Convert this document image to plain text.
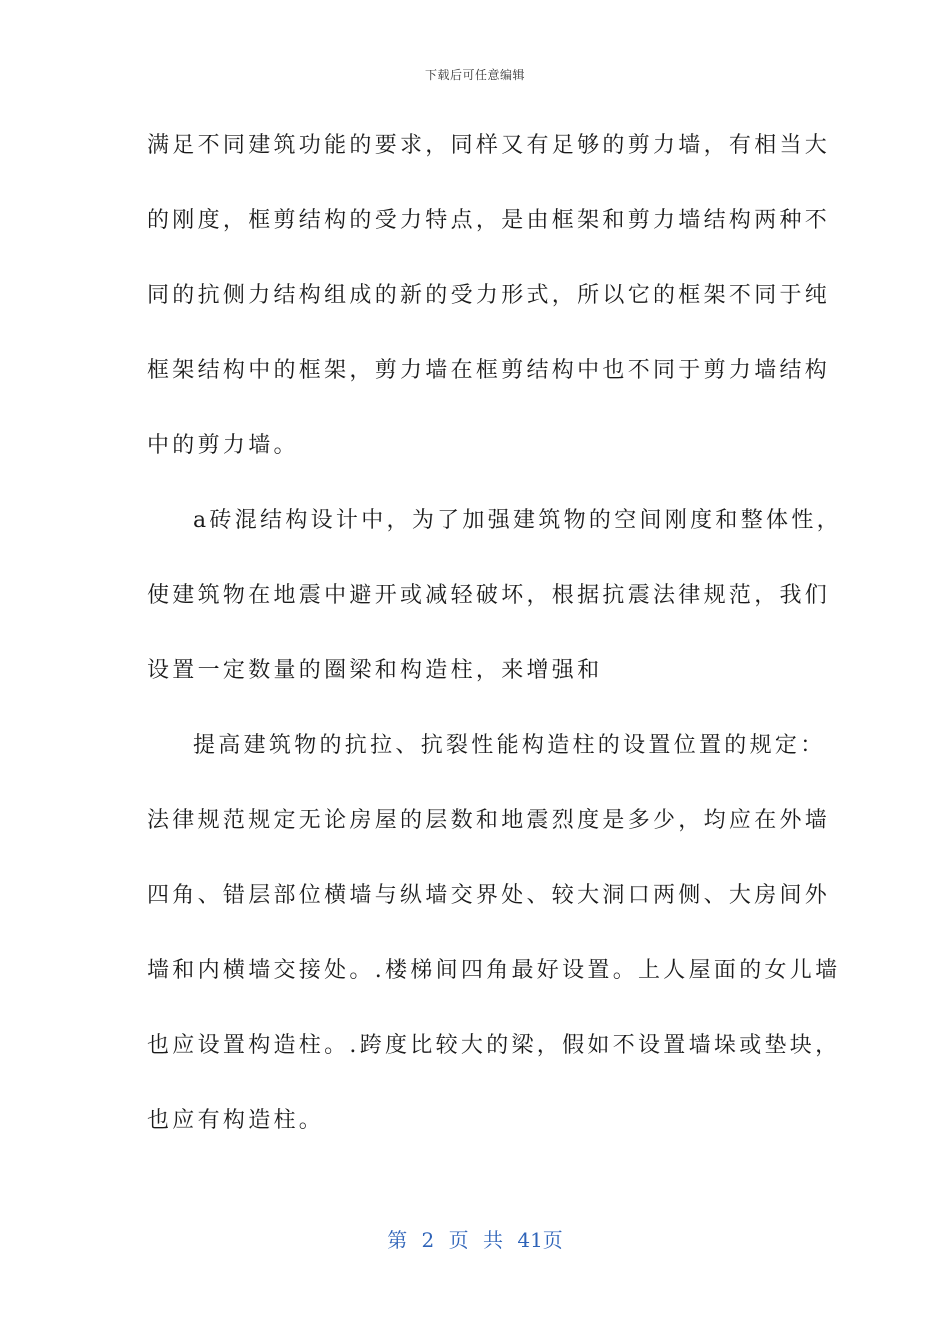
下载后可任意编辑
满足不同建筑功能的要求，同样又有足够的剪力墙，有相当大
的刚度，框剪结构的受力特点，是由框架和剪力墙结构两种不
同的抗侧力结构组成的新的受力形式，所以它的框架不同于纯
框架结构中的框架，剪力墙在框剪结构中也不同于剪力墙结构
中的剪力墙。
a砖混结构设计中，为了加强建筑物的空间刚度和整体性，
使建筑物在地震中避开或减轻破坏，根据抗震法律规范，我们
设置一定数量的圈梁和构造柱，来增强和
提高建筑物的抗拉、抗裂性能构造柱的设置位置的规定：
法律规范规定无论房屋的层数和地震烈度是多少，均应在外墙
四角、错层部位横墙与纵墙交界处、较大洞口两侧、大房间外
墙和内横墙交接处。.楼梯间四角最好设置。上人屋面的女儿墙
也应设置构造柱。.跨度比较大的梁，假如不设置墙垛或垫块，
也应有构造柱。
第 2 页 共 41页
